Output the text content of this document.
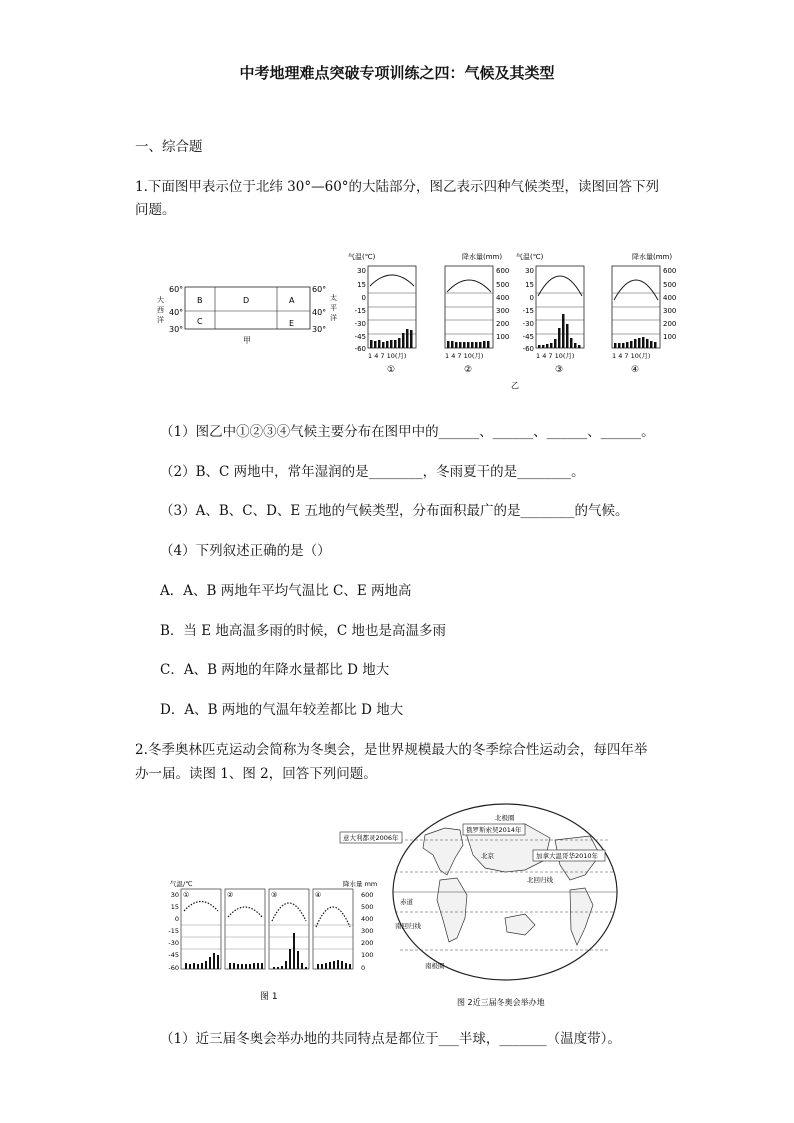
中考地理难点突破专项训练之四：气候及其类型
一、综合题
1.下面图甲表示位于北纬 30°—60°的大陆部分，图乙表示四种气候类型，读图回答下列
问题。
60°
40°
30°
大
西
洋
B	D	A
C	E
60°
40°
30°
太
平
洋
甲
气温(℃)	气温(℃)
降水量(mm)	降水量(mm)
30
15
0
-15
-30
-45
-60
30
15
0
-15
-30
-45
-60
600
500
400
300
200
100
600
500
400
300
200
100
1 4 7 10(月)	1 4 7 10(月)	1 4 7 10(月)	1 4 7 10(月)
①	②	③	④
乙
（1）图乙中①②③④气候主要分布在图甲中的______、______、______、______。
（2）B、C 两地中，常年湿润的是________，冬雨夏干的是________。
（3）A、B、C、D、E 五地的气候类型，分布面积最广的是________的气候。
（4）下列叙述正确的是（）
A．A、B 两地年平均气温比 C、E 两地高
B．当 E 地高温多雨的时候，C 地也是高温多雨
C．A、B 两地的年降水量都比 D 地大
D．A、B 两地的气温年较差都比 D 地大
2.冬季奥林匹克运动会简称为冬奥会，是世界规模最大的冬季综合性运动会，每四年举
办一届。读图 1、图 2，回答下列问题。
气温/℃	降水量 mm
30
15
0
-15
-30
-45
-60
600
500
400
300
200
100
0
①	②	③	④
图 1
北极圈
意大利都灵2006年
俄罗斯索契2014年
北京	加拿大温哥华2010年
北回归线
赤道
南回归线
南极圈
图 2近三届冬奥会举办地
（1）近三届冬奥会举办地的共同特点是都位于___半球，_______（温度带）。
